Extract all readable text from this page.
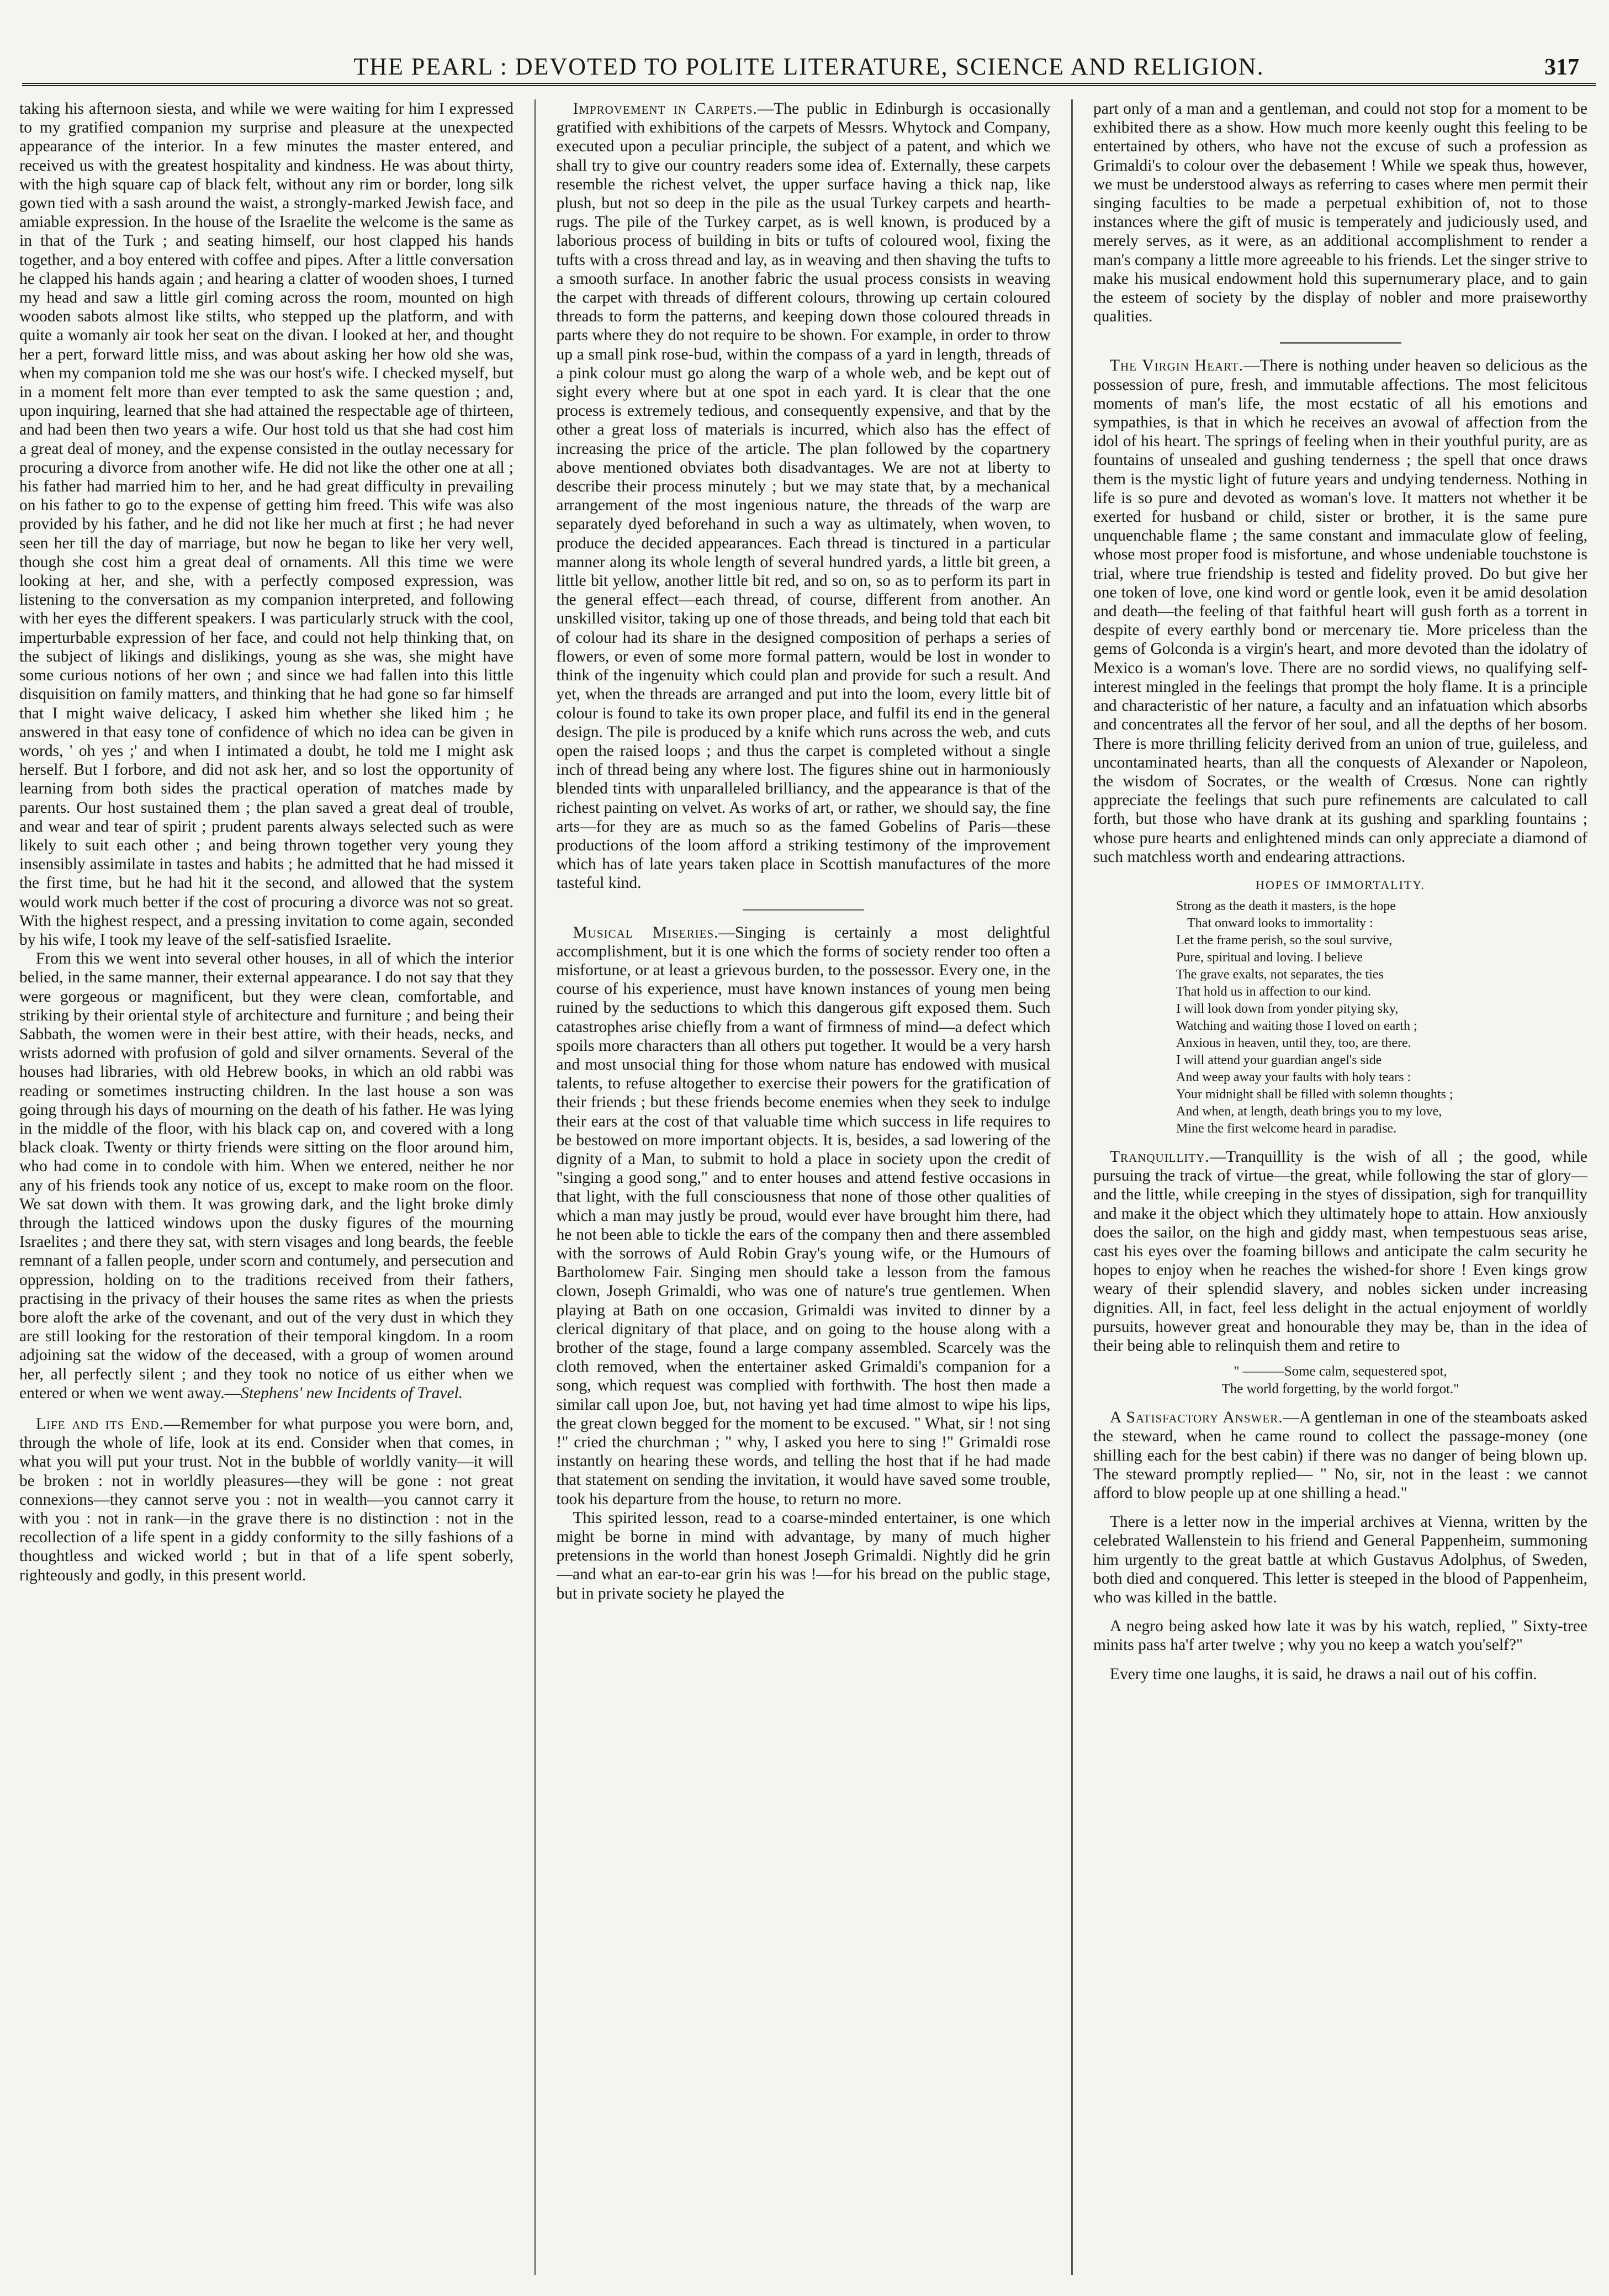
THE PEARL : DEVOTED TO POLITE LITERATURE, SCIENCE AND RELIGION.	317

taking his afternoon siesta, and while we were waiting for him I expressed to my gratified companion my surprise and pleasure at the unexpected appearance of the interior. In a few minutes the master entered, and received us with the greatest hospitality and kindness. He was about thirty, with the high square cap of black felt, without any rim or border, long silk gown tied with a sash around the waist, a strongly-marked Jewish face, and amiable expression. In the house of the Israelite the welcome is the same as in that of the Turk ; and seating himself, our host clapped his hands together, and a boy entered with coffee and pipes. After a little conversation he clapped his hands again ; and hearing a clatter of wooden shoes, I turned my head and saw a little girl coming across the room, mounted on high wooden sabots almost like stilts, who stepped up the platform, and with quite a womanly air took her seat on the divan. I looked at her, and thought her a pert, forward little miss, and was about asking her how old she was, when my companion told me she was our host's wife. I checked myself, but in a moment felt more than ever tempted to ask the same question ; and, upon inquiring, learned that she had attained the respectable age of thirteen, and had been then two years a wife. Our host told us that she had cost him a great deal of money, and the expense consisted in the outlay necessary for procuring a divorce from another wife. He did not like the other one at all ; his father had married him to her, and he had great difficulty in prevailing on his father to go to the expense of getting him freed. This wife was also provided by his father, and he did not like her much at first ; he had never seen her till the day of marriage, but now he began to like her very well, though she cost him a great deal of ornaments. All this time we were looking at her, and she, with a perfectly composed expression, was listening to the conversation as my companion interpreted, and following with her eyes the different speakers. I was particularly struck with the cool, imperturbable expression of her face, and could not help thinking that, on the subject of likings and dislikings, young as she was, she might have some curious notions of her own ; and since we had fallen into this little disquisition on family matters, and thinking that he had gone so far himself that I might waive delicacy, I asked him whether she liked him ; he answered in that easy tone of confidence of which no idea can be given in words, ' oh yes ;' and when I intimated a doubt, he told me I might ask herself. But I forbore, and did not ask her, and so lost the opportunity of learning from both sides the practical operation of matches made by parents. Our host sustained them ; the plan saved a great deal of trouble, and wear and tear of spirit ; prudent parents always selected such as were likely to suit each other ; and being thrown together very young they insensibly assimilate in tastes and habits ; he admitted that he had missed it the first time, but he had hit it the second, and allowed that the system would work much better if the cost of procuring a divorce was not so great. With the highest respect, and a pressing invitation to come again, seconded by his wife, I took my leave of the self-satisfied Israelite.

From this we went into several other houses, in all of which the interior belied, in the same manner, their external appearance. I do not say that they were gorgeous or magnificent, but they were clean, comfortable, and striking by their oriental style of architecture and furniture ; and being their Sabbath, the women were in their best attire, with their heads, necks, and wrists adorned with profusion of gold and silver ornaments. Several of the houses had libraries, with old Hebrew books, in which an old rabbi was reading or sometimes instructing children. In the last house a son was going through his days of mourning on the death of his father. He was lying in the middle of the floor, with his black cap on, and covered with a long black cloak. Twenty or thirty friends were sitting on the floor around him, who had come in to condole with him. When we entered, neither he nor any of his friends took any notice of us, except to make room on the floor. We sat down with them. It was growing dark, and the light broke dimly through the latticed windows upon the dusky figures of the mourning Israelites ; and there they sat, with stern visages and long beards, the feeble remnant of a fallen people, under scorn and contumely, and persecution and oppression, holding on to the traditions received from their fathers, practising in the privacy of their houses the same rites as when the priests bore aloft the arke of the covenant, and out of the very dust in which they are still looking for the restoration of their temporal kingdom. In a room adjoining sat the widow of the deceased, with a group of women around her, all perfectly silent ; and they took no notice of us either when we entered or when we went away.—Stephens' new Incidents of Travel.

Life and its End.—Remember for what purpose you were born, and, through the whole of life, look at its end. Consider when that comes, in what you will put your trust. Not in the bubble of worldly vanity—it will be broken : not in worldly pleasures—they will be gone : not great connexions—they cannot serve you : not in wealth—you cannot carry it with you : not in rank—in the grave there is no distinction : not in the recollection of a life spent in a giddy conformity to the silly fashions of a thoughtless and wicked world ; but in that of a life spent soberly, righteously and godly, in this present world.

Improvement in Carpets.—The public in Edinburgh is occasionally gratified with exhibitions of the carpets of Messrs. Whytock and Company, executed upon a peculiar principle, the subject of a patent, and which we shall try to give our country readers some idea of. Externally, these carpets resemble the richest velvet, the upper surface having a thick nap, like plush, but not so deep in the pile as the usual Turkey carpets and hearth-rugs. The pile of the Turkey carpet, as is well known, is produced by a laborious process of building in bits or tufts of coloured wool, fixing the tufts with a cross thread and lay, as in weaving and then shaving the tufts to a smooth surface. In another fabric the usual process consists in weaving the carpet with threads of different colours, throwing up certain coloured threads to form the patterns, and keeping down those coloured threads in parts where they do not require to be shown. For example, in order to throw up a small pink rose-bud, within the compass of a yard in length, threads of a pink colour must go along the warp of a whole web, and be kept out of sight every where but at one spot in each yard. It is clear that the one process is extremely tedious, and consequently expensive, and that by the other a great loss of materials is incurred, which also has the effect of increasing the price of the article. The plan followed by the copartnery above mentioned obviates both disadvantages. We are not at liberty to describe their process minutely ; but we may state that, by a mechanical arrangement of the most ingenious nature, the threads of the warp are separately dyed beforehand in such a way as ultimately, when woven, to produce the decided appearances. Each thread is tinctured in a particular manner along its whole length of several hundred yards, a little bit green, a little bit yellow, another little bit red, and so on, so as to perform its part in the general effect—each thread, of course, different from another. An unskilled visitor, taking up one of those threads, and being told that each bit of colour had its share in the designed composition of perhaps a series of flowers, or even of some more formal pattern, would be lost in wonder to think of the ingenuity which could plan and provide for such a result. And yet, when the threads are arranged and put into the loom, every little bit of colour is found to take its own proper place, and fulfil its end in the general design. The pile is produced by a knife which runs across the web, and cuts open the raised loops ; and thus the carpet is completed without a single inch of thread being any where lost. The figures shine out in harmoniously blended tints with unparalleled brilliancy, and the appearance is that of the richest painting on velvet. As works of art, or rather, we should say, the fine arts—for they are as much so as the famed Gobelins of Paris—these productions of the loom afford a striking testimony of the improvement which has of late years taken place in Scottish manufactures of the more tasteful kind.

Musical Miseries.—Singing is certainly a most delightful accomplishment, but it is one which the forms of society render too often a misfortune, or at least a grievous burden, to the possessor. Every one, in the course of his experience, must have known instances of young men being ruined by the seductions to which this dangerous gift exposed them. Such catastrophes arise chiefly from a want of firmness of mind—a defect which spoils more characters than all others put together. It would be a very harsh and most unsocial thing for those whom nature has endowed with musical talents, to refuse altogether to exercise their powers for the gratification of their friends ; but these friends become enemies when they seek to indulge their ears at the cost of that valuable time which success in life requires to be bestowed on more important objects. It is, besides, a sad lowering of the dignity of a Man, to submit to hold a place in society upon the credit of "singing a good song," and to enter houses and attend festive occasions in that light, with the full consciousness that none of those other qualities of which a man may justly be proud, would ever have brought him there, had he not been able to tickle the ears of the company then and there assembled with the sorrows of Auld Robin Gray's young wife, or the Humours of Bartholomew Fair. Singing men should take a lesson from the famous clown, Joseph Grimaldi, who was one of nature's true gentlemen. When playing at Bath on one occasion, Grimaldi was invited to dinner by a clerical dignitary of that place, and on going to the house along with a brother of the stage, found a large company assembled. Scarcely was the cloth removed, when the entertainer asked Grimaldi's companion for a song, which request was complied with forthwith. The host then made a similar call upon Joe, but, not having yet had time almost to wipe his lips, the great clown begged for the moment to be excused. " What, sir ! not sing !" cried the churchman ; " why, I asked you here to sing !" Grimaldi rose instantly on hearing these words, and telling the host that if he had made that statement on sending the invitation, it would have saved some trouble, took his departure from the house, to return no more.

This spirited lesson, read to a coarse-minded entertainer, is one which might be borne in mind with advantage, by many of much higher pretensions in the world than honest Joseph Grimaldi. Nightly did he grin—and what an ear-to-ear grin his was !—for his bread on the public stage, but in private society he played the

part only of a man and a gentleman, and could not stop for a moment to be exhibited there as a show. How much more keenly ought this feeling to be entertained by others, who have not the excuse of such a profession as Grimaldi's to colour over the debasement ! While we speak thus, however, we must be understood always as referring to cases where men permit their singing faculties to be made a perpetual exhibition of, not to those instances where the gift of music is temperately and judiciously used, and merely serves, as it were, as an additional accomplishment to render a man's company a little more agreeable to his friends. Let the singer strive to make his musical endowment hold this supernumerary place, and to gain the esteem of society by the display of nobler and more praiseworthy qualities.

The Virgin Heart.—There is nothing under heaven so delicious as the possession of pure, fresh, and immutable affections. The most felicitous moments of man's life, the most ecstatic of all his emotions and sympathies, is that in which he receives an avowal of affection from the idol of his heart. The springs of feeling when in their youthful purity, are as fountains of unsealed and gushing tenderness ; the spell that once draws them is the mystic light of future years and undying tenderness. Nothing in life is so pure and devoted as woman's love. It matters not whether it be exerted for husband or child, sister or brother, it is the same pure unquenchable flame ; the same constant and immaculate glow of feeling, whose most proper food is misfortune, and whose undeniable touchstone is trial, where true friendship is tested and fidelity proved. Do but give her one token of love, one kind word or gentle look, even it be amid desolation and death—the feeling of that faithful heart will gush forth as a torrent in despite of every earthly bond or mercenary tie. More priceless than the gems of Golconda is a virgin's heart, and more devoted than the idolatry of Mexico is a woman's love. There are no sordid views, no qualifying self-interest mingled in the feelings that prompt the holy flame. It is a principle and characteristic of her nature, a faculty and an infatuation which absorbs and concentrates all the fervor of her soul, and all the depths of her bosom. There is more thrilling felicity derived from an union of true, guileless, and uncontaminated hearts, than all the conquests of Alexander or Napoleon, the wisdom of Socrates, or the wealth of Crœsus. None can rightly appreciate the feelings that such pure refinements are calculated to call forth, but those who have drank at its gushing and sparkling fountains ; whose pure hearts and enlightened minds can only appreciate a diamond of such matchless worth and endearing attractions.

HOPES OF IMMORTALITY.
Strong as the death it masters, is the hope
That onward looks to immortality :
Let the frame perish, so the soul survive,
Pure, spiritual and loving. I believe
The grave exalts, not separates, the ties
That hold us in affection to our kind.
I will look down from yonder pitying sky,
Watching and waiting those I loved on earth ;
Anxious in heaven, until they, too, are there.
I will attend your guardian angel's side
And weep away your faults with holy tears :
Your midnight shall be filled with solemn thoughts ;
And when, at length, death brings you to my love,
Mine the first welcome heard in paradise.

Tranquillity.—Tranquillity is the wish of all ; the good, while pursuing the track of virtue—the great, while following the star of glory—and the little, while creeping in the styes of dissipation, sigh for tranquillity and make it the object which they ultimately hope to attain. How anxiously does the sailor, on the high and giddy mast, when tempestuous seas arise, cast his eyes over the foaming billows and anticipate the calm security he hopes to enjoy when he reaches the wished-for shore ! Even kings grow weary of their splendid slavery, and nobles sicken under increasing dignities. All, in fact, feel less delight in the actual enjoyment of worldly pursuits, however great and honourable they may be, than in the idea of their being able to relinquish them and retire to

" ———Some calm, sequestered spot,
The world forgetting, by the world forgot."

A Satisfactory Answer.—A gentleman in one of the steamboats asked the steward, when he came round to collect the passage-money (one shilling each for the best cabin) if there was no danger of being blown up. The steward promptly replied— " No, sir, not in the least : we cannot afford to blow people up at one shilling a head."

There is a letter now in the imperial archives at Vienna, written by the celebrated Wallenstein to his friend and General Pappenheim, summoning him urgently to the great battle at which Gustavus Adolphus, of Sweden, both died and conquered. This letter is steeped in the blood of Pappenheim, who was killed in the battle.

A negro being asked how late it was by his watch, replied, " Sixty-tree minits pass ha'f arter twelve ; why you no keep a watch you'self?"

Every time one laughs, it is said, he draws a nail out of his coffin.
